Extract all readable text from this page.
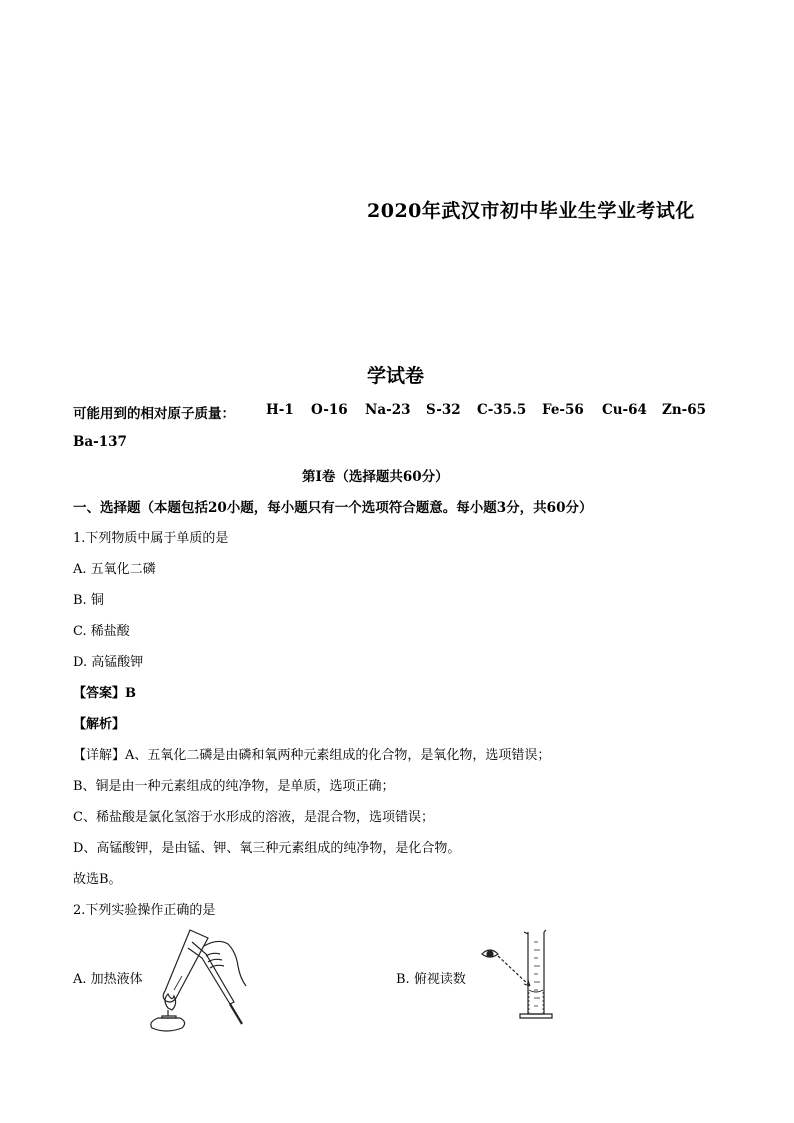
2020年武汉市初中毕业生学业考试化
学试卷
可能用到的相对原子质量： H-1 O-16 Na-23 S-32 C-35.5 Fe-56 Cu-64 Zn-65
Ba-137
第Ⅰ卷（选择题共60分）
一、选择题（本题包括20小题，每小题只有一个选项符合题意。每小题3分，共60分）
1.下列物质中属于单质的是
A. 五氧化二磷
B. 铜
C. 稀盐酸
D. 高锰酸钾
【答案】B
【解析】
【详解】A、五氧化二磷是由磷和氧两种元素组成的化合物，是氧化物，选项错误；
B、铜是由一种元素组成的纯净物，是单质，选项正确；
C、稀盐酸是氯化氢溶于水形成的溶液，是混合物，选项错误；
D、高锰酸钾，是由锰、钾、氧三种元素组成的纯净物，是化合物。
故选B。
2.下列实验操作正确的是
A. 加热液体	B. 俯视读数
